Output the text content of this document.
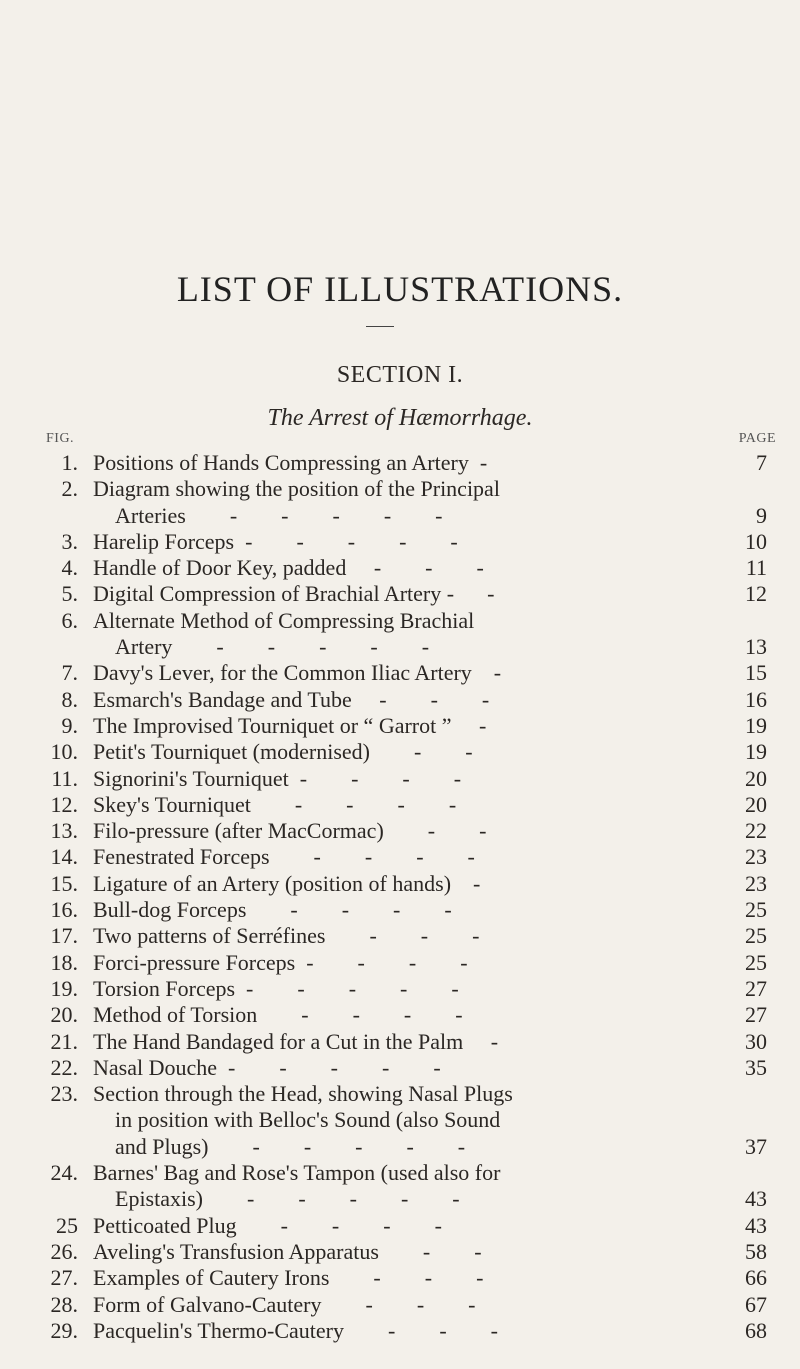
LIST OF ILLUSTRATIONS.
SECTION I.
The Arrest of Hæmorrhage.
FIG.	PAGE
1. Positions of Hands Compressing an Artery  -	7
2. Diagram showing the position of the Principal
Arteries        -        -        -        -        -	9
3. Harelip Forceps  -        -        -        -        -	10
4. Handle of Door Key, padded     -        -        -	11
5. Digital Compression of Brachial Artery -      -	12
6. Alternate Method of Compressing Brachial
Artery        -        -        -        -        -	13
7. Davy's Lever, for the Common Iliac Artery    -	15
8. Esmarch's Bandage and Tube     -        -        -	16
9. The Improvised Tourniquet or “ Garrot ”     -	19
10. Petit's Tourniquet (modernised)        -        -	19
11. Signorini's Tourniquet  -        -        -        -	20
12. Skey's Tourniquet        -        -        -        -	20
13. Filo-pressure (after MacCormac)        -        -	22
14. Fenestrated Forceps        -        -        -        -	23
15. Ligature of an Artery (position of hands)    -	23
16. Bull-dog Forceps        -        -        -        -	25
17. Two patterns of Serréfines        -        -        -	25
18. Forci-pressure Forceps  -        -        -        -	25
19. Torsion Forceps  -        -        -        -        -	27
20. Method of Torsion        -        -        -        -	27
21. The Hand Bandaged for a Cut in the Palm     -	30
22. Nasal Douche  -        -        -        -        -	35
23. Section through the Head, showing Nasal Plugs
in position with Belloc's Sound (also Sound
and Plugs)        -        -        -        -        -	37
24. Barnes' Bag and Rose's Tampon (used also for
Epistaxis)        -        -        -        -        -	43
25 Petticoated Plug        -        -        -        -	43
26. Aveling's Transfusion Apparatus        -        -	58
27. Examples of Cautery Irons        -        -        -	66
28. Form of Galvano-Cautery        -        -        -	67
29. Pacquelin's Thermo-Cautery        -        -        -	68
